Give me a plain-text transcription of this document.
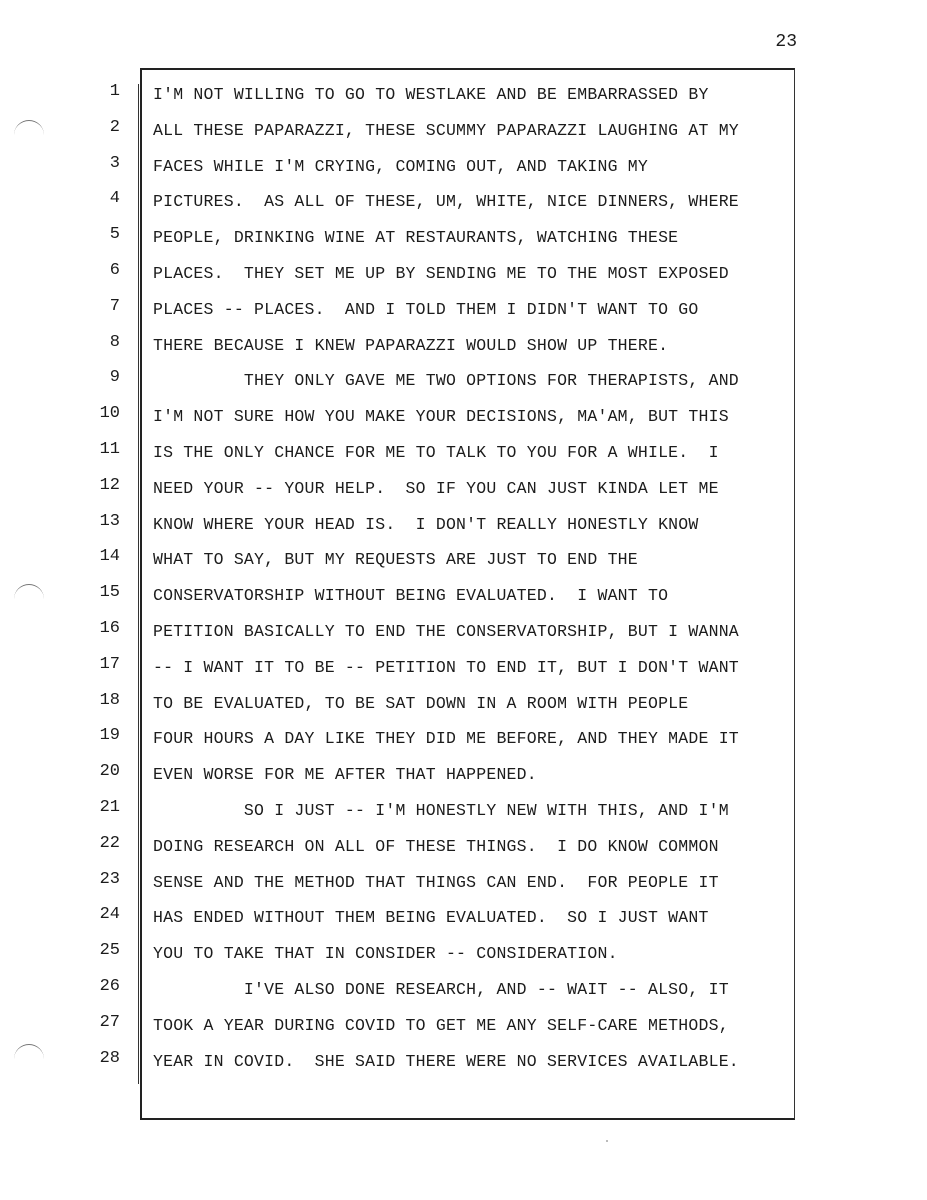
23
1 I'M NOT WILLING TO GO TO WESTLAKE AND BE EMBARRASSED BY
2 ALL THESE PAPARAZZI, THESE SCUMMY PAPARAZZI LAUGHING AT MY
3 FACES WHILE I'M CRYING, COMING OUT, AND TAKING MY
4 PICTURES.  AS ALL OF THESE, UM, WHITE, NICE DINNERS, WHERE
5 PEOPLE, DRINKING WINE AT RESTAURANTS, WATCHING THESE
6 PLACES.  THEY SET ME UP BY SENDING ME TO THE MOST EXPOSED
7 PLACES -- PLACES.  AND I TOLD THEM I DIDN'T WANT TO GO
8 THERE BECAUSE I KNEW PAPARAZZI WOULD SHOW UP THERE.
9 THEY ONLY GAVE ME TWO OPTIONS FOR THERAPISTS, AND
10 I'M NOT SURE HOW YOU MAKE YOUR DECISIONS, MA'AM, BUT THIS
11 IS THE ONLY CHANCE FOR ME TO TALK TO YOU FOR A WHILE.  I
12 NEED YOUR -- YOUR HELP.  SO IF YOU CAN JUST KINDA LET ME
13 KNOW WHERE YOUR HEAD IS.  I DON'T REALLY HONESTLY KNOW
14 WHAT TO SAY, BUT MY REQUESTS ARE JUST TO END THE
15 CONSERVATORSHIP WITHOUT BEING EVALUATED.  I WANT TO
16 PETITION BASICALLY TO END THE CONSERVATORSHIP, BUT I WANNA
17 -- I WANT IT TO BE -- PETITION TO END IT, BUT I DON'T WANT
18 TO BE EVALUATED, TO BE SAT DOWN IN A ROOM WITH PEOPLE
19 FOUR HOURS A DAY LIKE THEY DID ME BEFORE, AND THEY MADE IT
20 EVEN WORSE FOR ME AFTER THAT HAPPENED.
21 SO I JUST -- I'M HONESTLY NEW WITH THIS, AND I'M
22 DOING RESEARCH ON ALL OF THESE THINGS.  I DO KNOW COMMON
23 SENSE AND THE METHOD THAT THINGS CAN END.  FOR PEOPLE IT
24 HAS ENDED WITHOUT THEM BEING EVALUATED.  SO I JUST WANT
25 YOU TO TAKE THAT IN CONSIDER -- CONSIDERATION.
26 I'VE ALSO DONE RESEARCH, AND -- WAIT -- ALSO, IT
27 TOOK A YEAR DURING COVID TO GET ME ANY SELF-CARE METHODS,
28 YEAR IN COVID.  SHE SAID THERE WERE NO SERVICES AVAILABLE.
